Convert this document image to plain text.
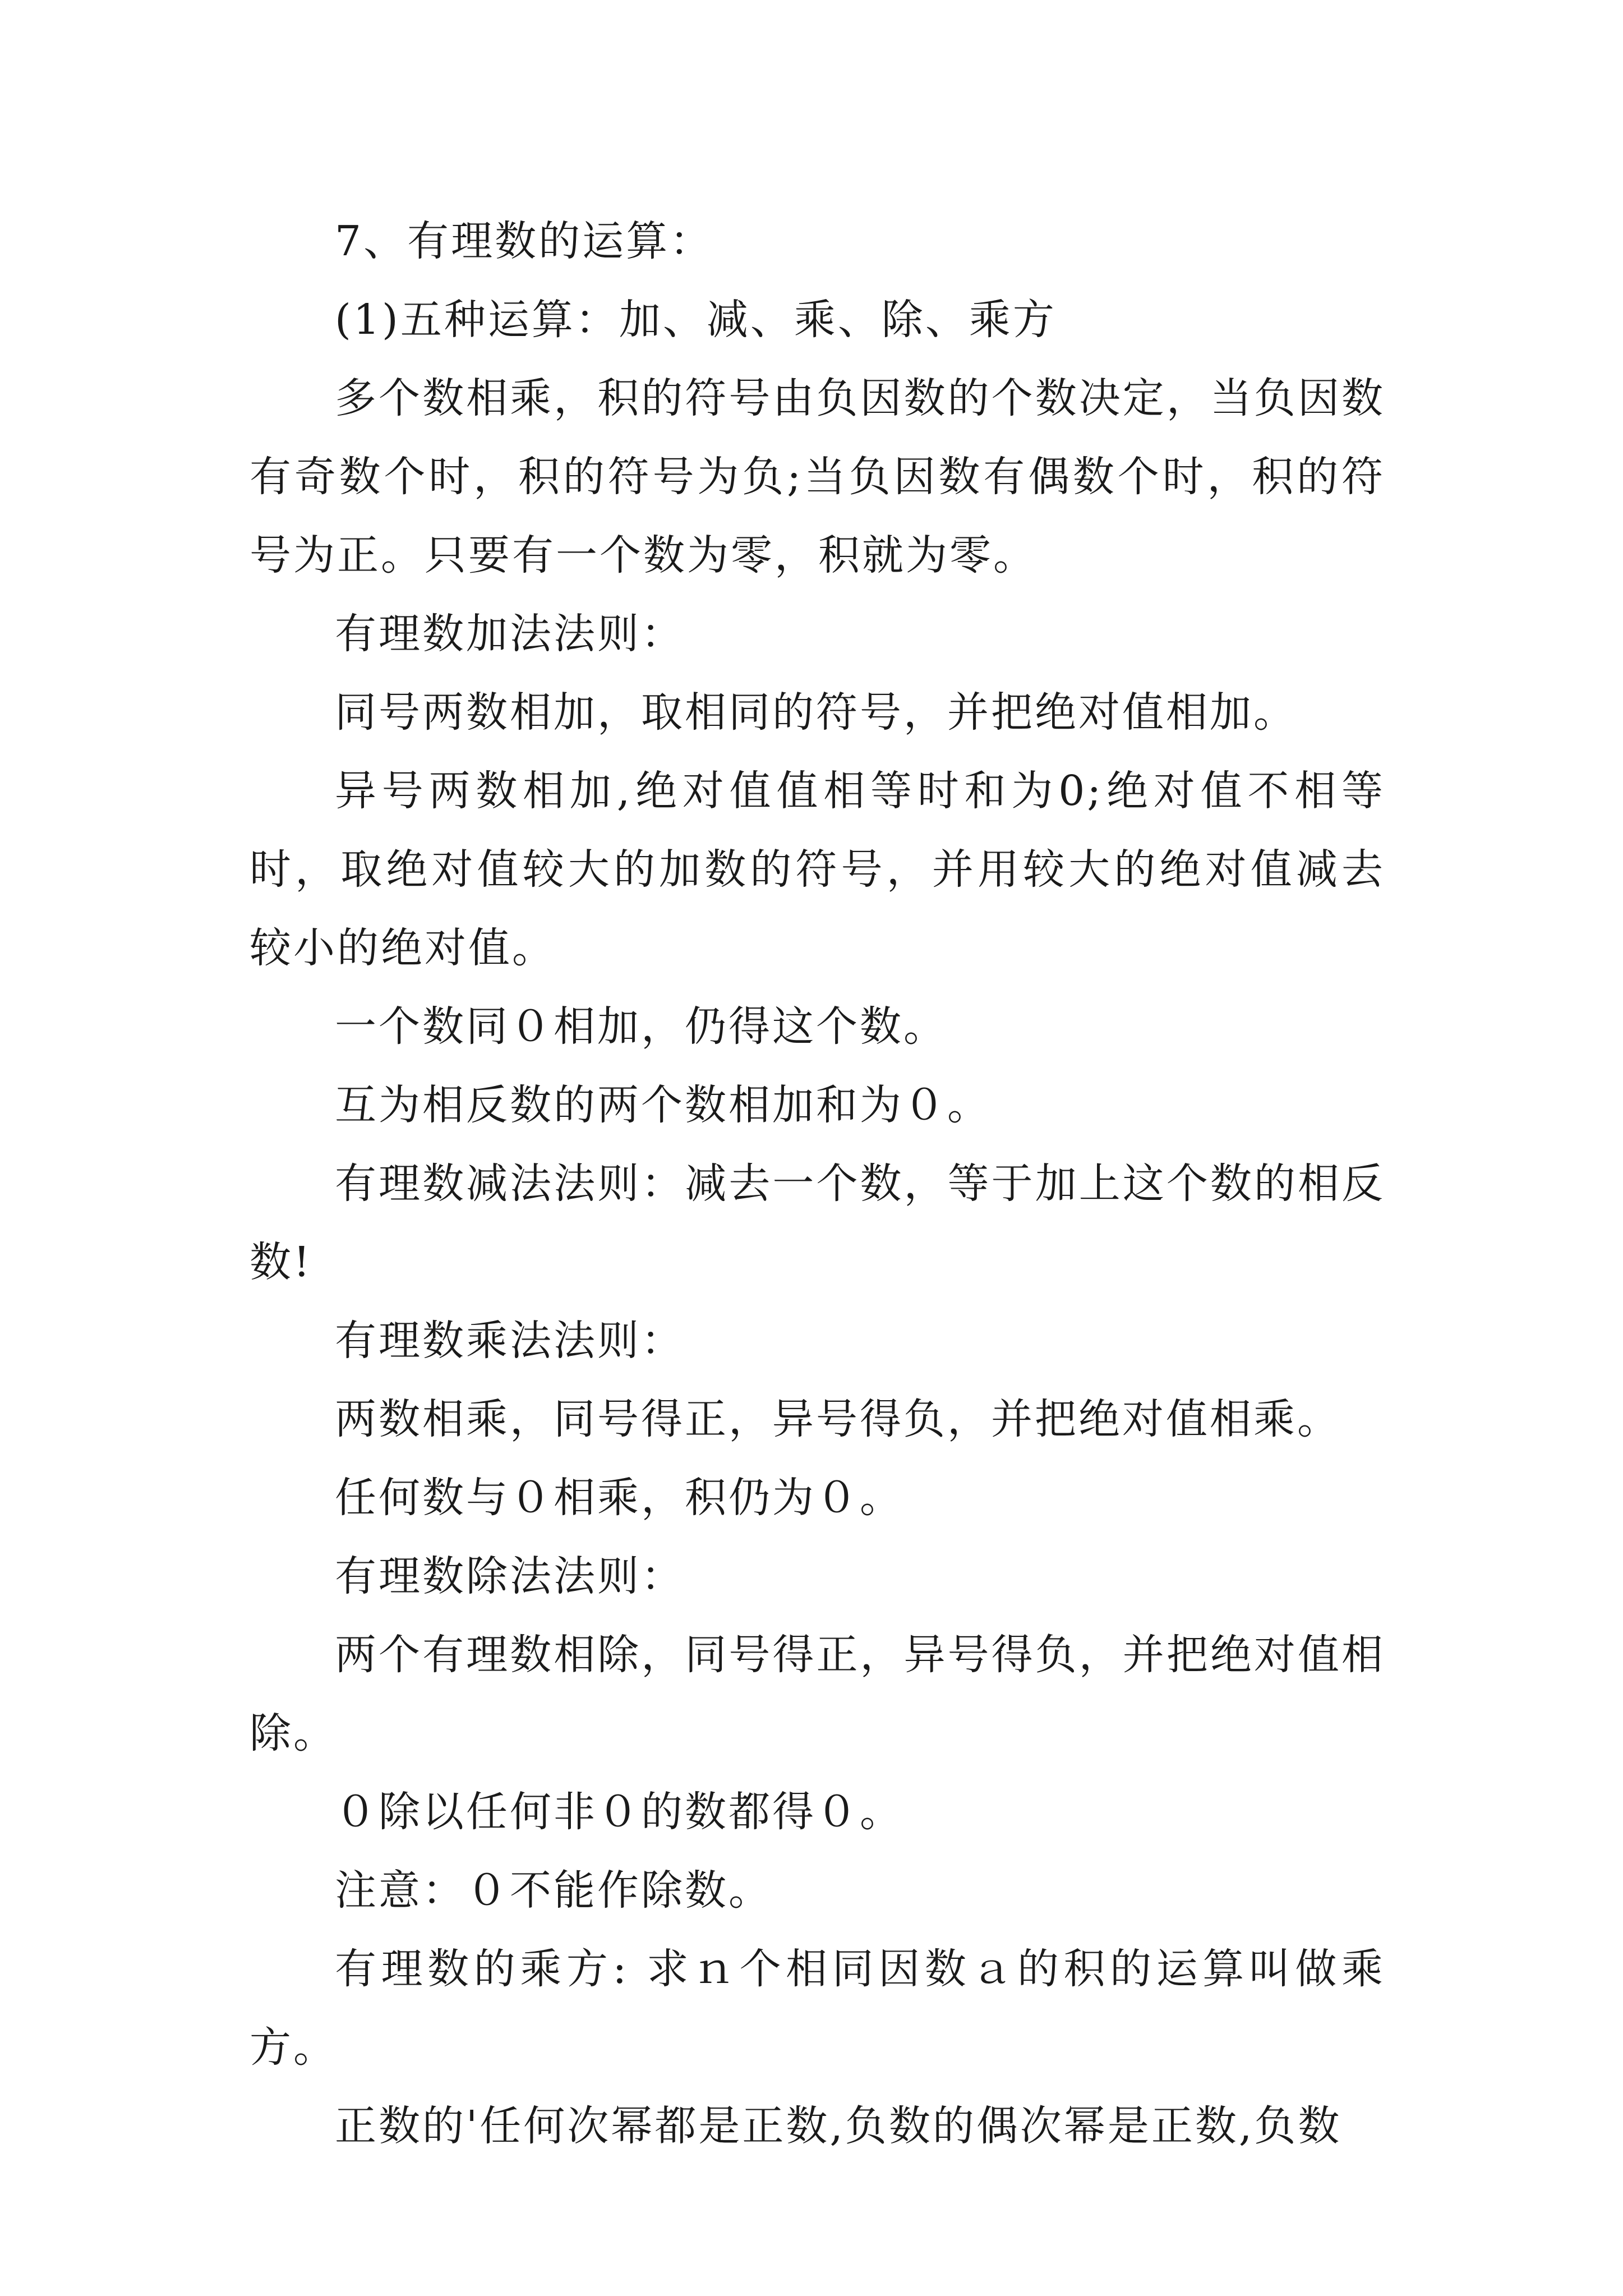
7、有理数的运算：

(1)五种运算：加、减、乘、除、乘方

多个数相乘，积的符号由负因数的个数决定，当负因数有奇数个时，积的符号为负;当负因数有偶数个时，积的符号为正。只要有一个数为零，积就为零。

有理数加法法则：

同号两数相加，取相同的符号，并把绝对值相加。

异号两数相加,绝对值值相等时和为0;绝对值不相等时，取绝对值较大的加数的符号，并用较大的绝对值减去较小的绝对值。

一个数同０相加，仍得这个数。

互为相反数的两个数相加和为０。

有理数减法法则：减去一个数，等于加上这个数的相反数!

有理数乘法法则：

两数相乘，同号得正，异号得负，并把绝对值相乘。

任何数与０相乘，积仍为０。

有理数除法法则：

两个有理数相除，同号得正，异号得负，并把绝对值相除。

０除以任何非０的数都得０。

注意：０不能作除数。

有理数的乘方: 求ｎ个相同因数ａ的积的运算叫做乘方。

正数的'任何次幂都是正数,负数的偶次幂是正数,负数
